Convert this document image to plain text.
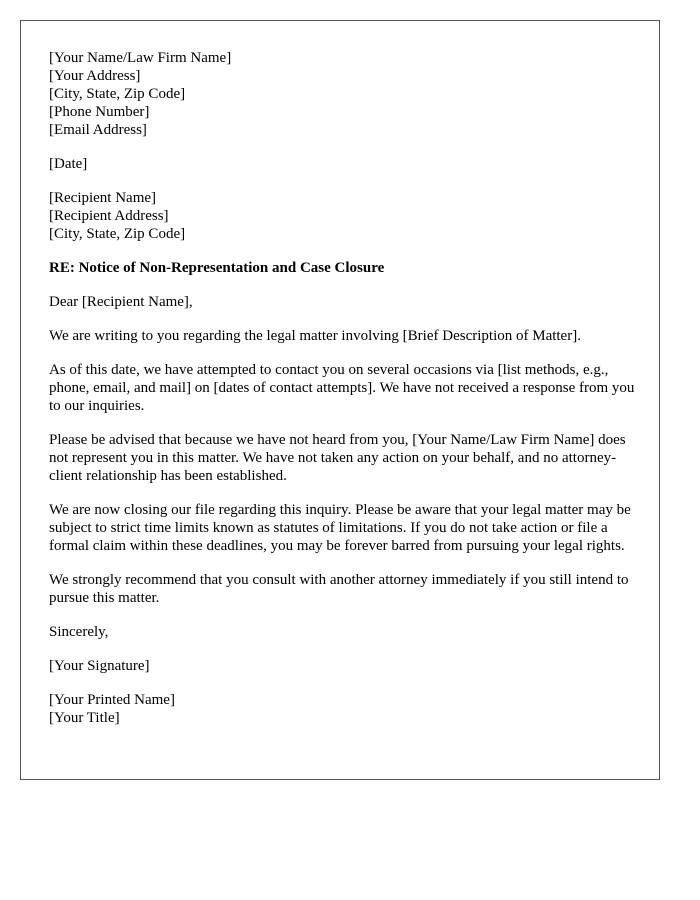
[Your Name/Law Firm Name]
[Your Address]
[City, State, Zip Code]
[Phone Number]
[Email Address]
[Date]
[Recipient Name]
[Recipient Address]
[City, State, Zip Code]
RE: Notice of Non-Representation and Case Closure
Dear [Recipient Name],

We are writing to you regarding the legal matter involving [Brief Description of Matter].

As of this date, we have attempted to contact you on several occasions via [list methods, e.g., phone, email, and mail] on [dates of contact attempts]. We have not received a response from you to our inquiries.

Please be advised that because we have not heard from you, [Your Name/Law Firm Name] does not represent you in this matter. We have not taken any action on your behalf, and no attorney-client relationship has been established.

We are now closing our file regarding this inquiry. Please be aware that your legal matter may be subject to strict time limits known as statutes of limitations. If you do not take action or file a formal claim within these deadlines, you may be forever barred from pursuing your legal rights.

We strongly recommend that you consult with another attorney immediately if you still intend to pursue this matter.

Sincerely,
[Your Signature]
[Your Printed Name]
[Your Title]
